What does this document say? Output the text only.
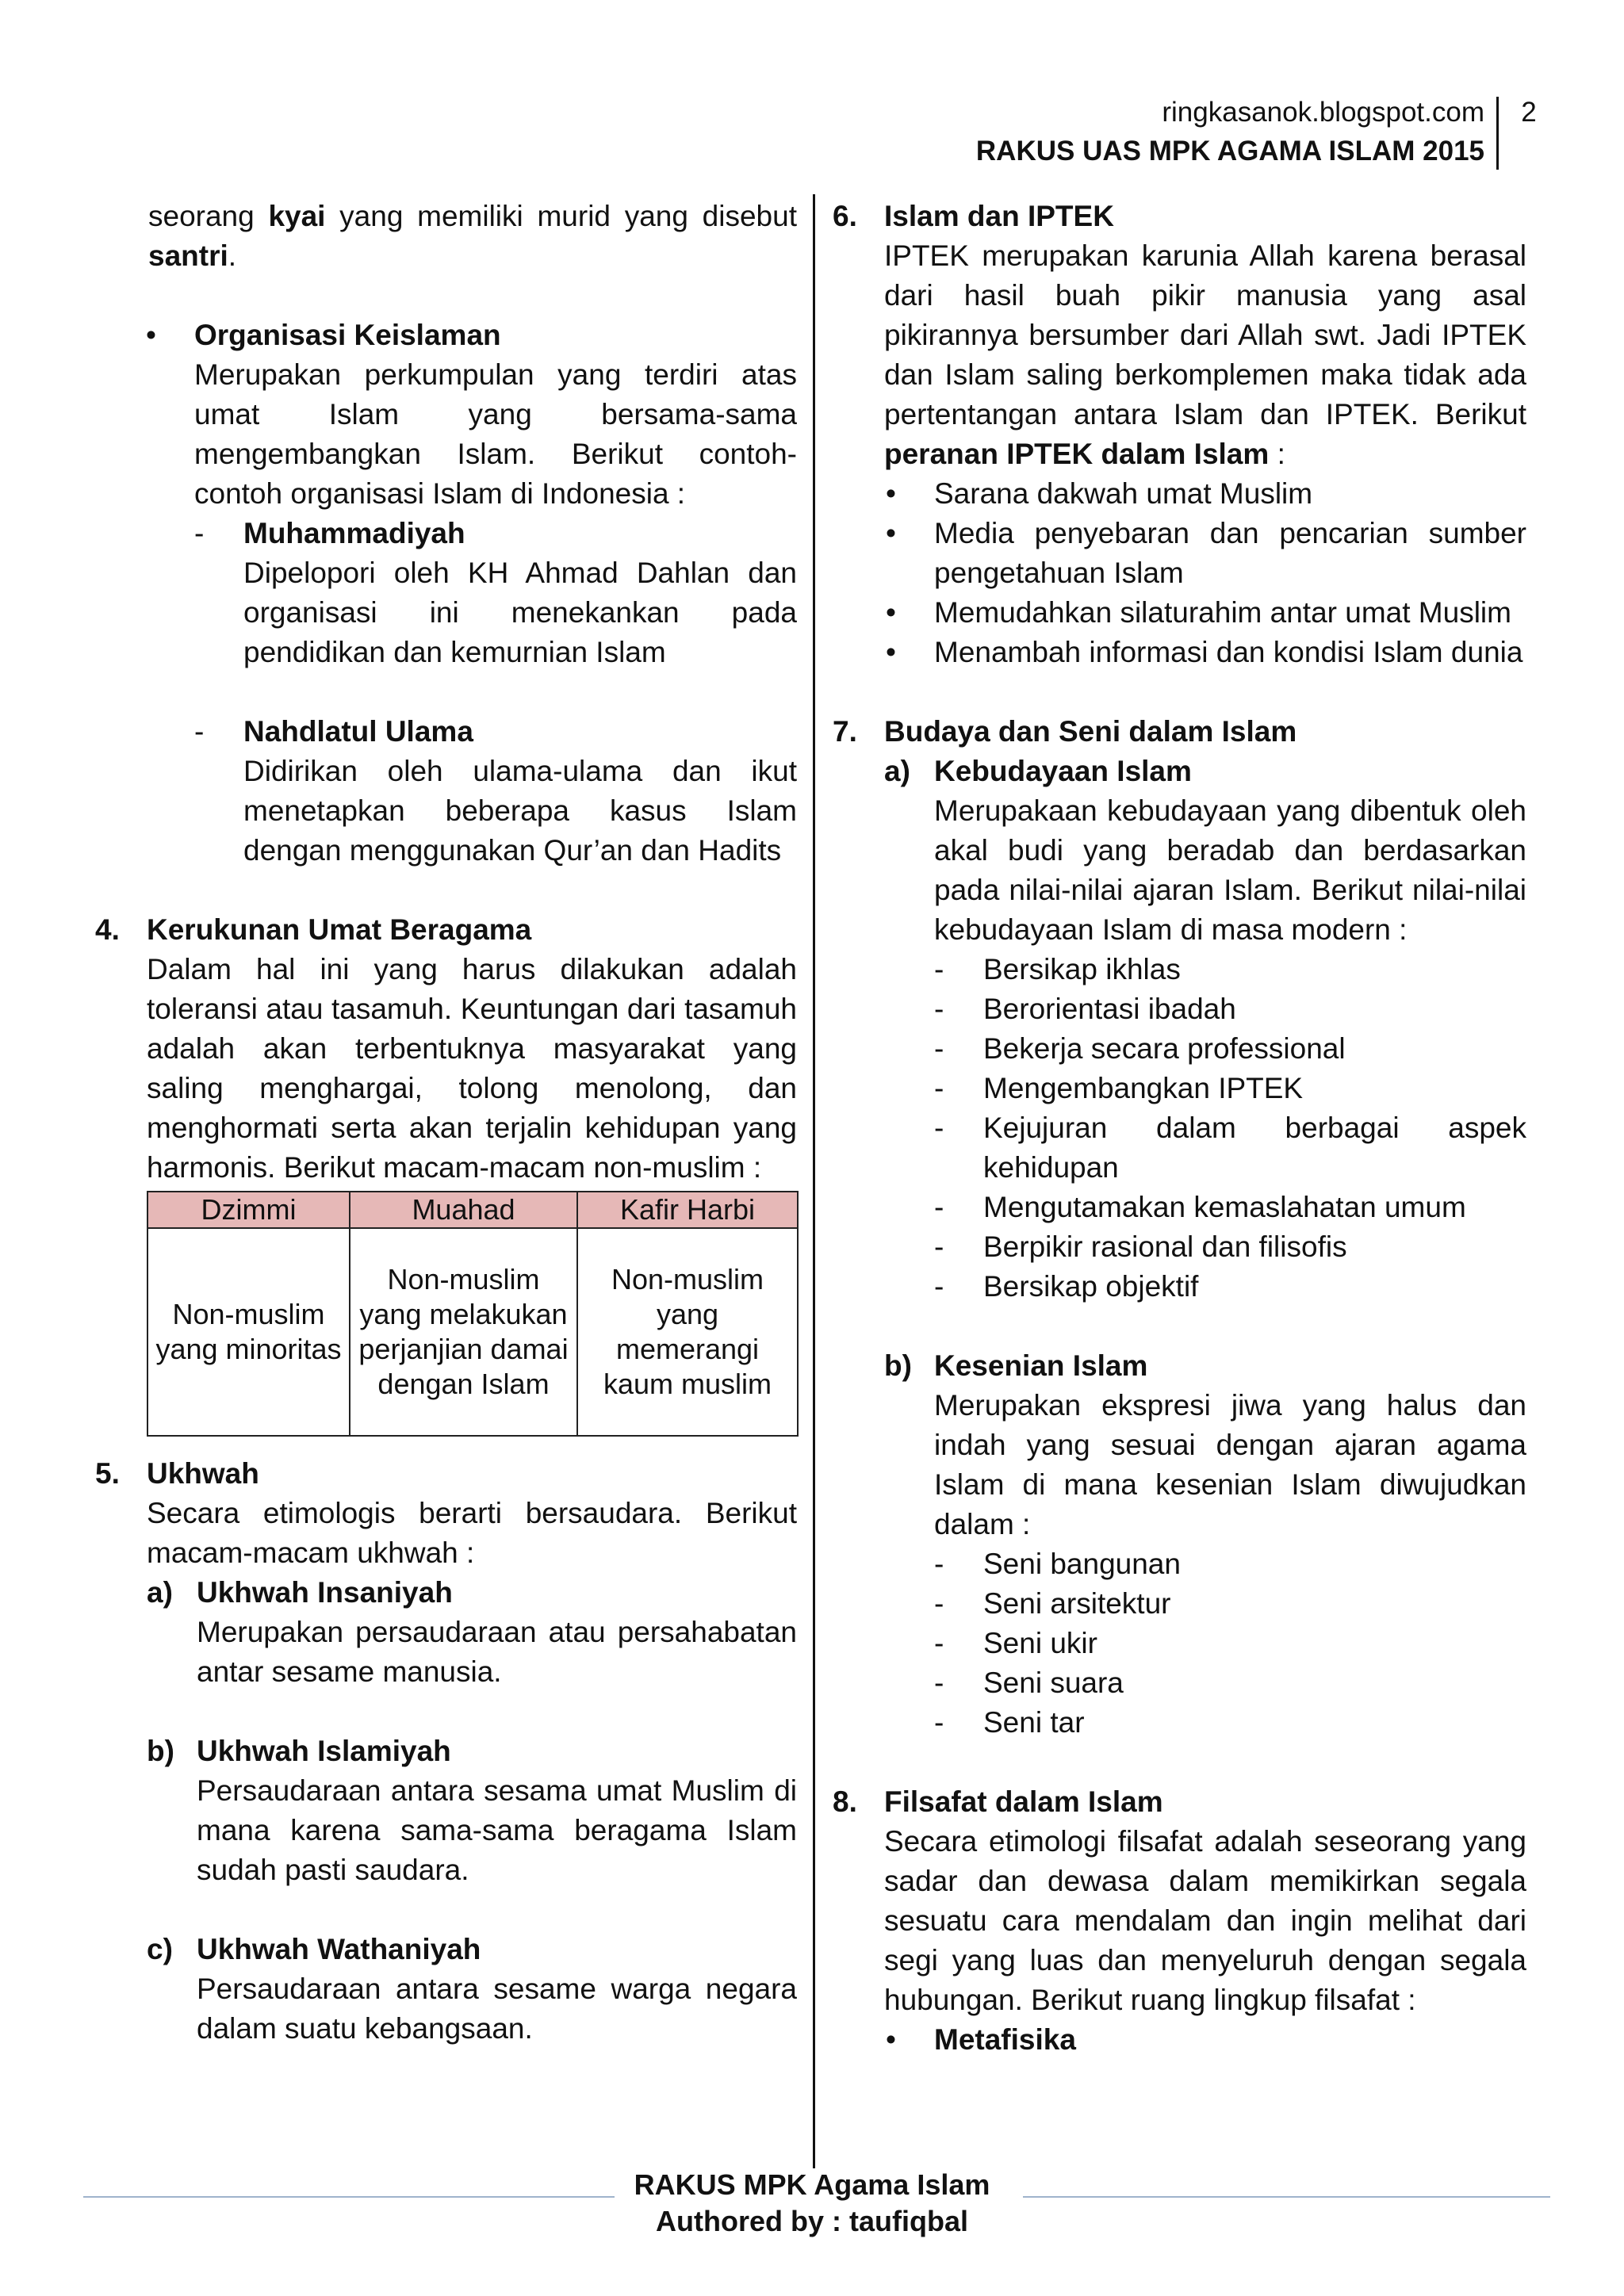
ringkasanok.blogspot.com
RAKUS UAS MPK AGAMA ISLAM 2015
2
seorang kyai yang memiliki murid yang disebut santri.
•	Organisasi Keislaman
Merupakan perkumpulan yang terdiri atas umat Islam yang bersama-sama mengembangkan Islam. Berikut contoh-contoh organisasi Islam di Indonesia :
-	Muhammadiyah
Dipelopori oleh KH Ahmad Dahlan dan organisasi ini menekankan pada pendidikan dan kemurnian Islam
-	Nahdlatul Ulama
Didirikan oleh ulama-ulama dan ikut menetapkan beberapa kasus Islam dengan menggunakan Qur’an dan Hadits
4. Kerukunan Umat Beragama
Dalam hal ini yang harus dilakukan adalah toleransi atau tasamuh. Keuntungan dari tasamuh adalah akan terbentuknya masyarakat yang saling menghargai, tolong menolong, dan menghormati serta akan terjalin kehidupan yang harmonis. Berikut macam-macam non-muslim :
Dzimmi	Muahad	Kafir Harbi
Non-muslim yang minoritas	Non-muslim yang melakukan perjanjian damai dengan Islam	Non-muslim yang memerangi kaum muslim
5. Ukhwah
Secara etimologis berarti bersaudara. Berikut macam-macam ukhwah :
a) Ukhwah Insaniyah
Merupakan persaudaraan atau persahabatan antar sesame manusia.
b) Ukhwah Islamiyah
Persaudaraan antara sesama umat Muslim di mana karena sama-sama beragama Islam sudah pasti saudara.
c) Ukhwah Wathaniyah
Persaudaraan antara sesame warga negara dalam suatu kebangsaan.
6. Islam dan IPTEK
IPTEK merupakan karunia Allah karena berasal dari hasil buah pikir manusia yang asal pikirannya bersumber dari Allah swt. Jadi IPTEK dan Islam saling berkomplemen maka tidak ada pertentangan antara Islam dan IPTEK. Berikut peranan IPTEK dalam Islam :
•	Sarana dakwah umat Muslim
•	Media penyebaran dan pencarian sumber pengetahuan Islam
•	Memudahkan silaturahim antar umat Muslim
•	Menambah informasi dan kondisi Islam dunia
7. Budaya dan Seni dalam Islam
a) Kebudayaan Islam
Merupakaan kebudayaan yang dibentuk oleh akal budi yang beradab dan berdasarkan pada nilai-nilai ajaran Islam. Berikut nilai-nilai kebudayaan Islam di masa modern :
-	Bersikap ikhlas
-	Berorientasi ibadah
-	Bekerja secara professional
-	Mengembangkan IPTEK
-	Kejujuran dalam berbagai aspek kehidupan
-	Mengutamakan kemaslahatan umum
-	Berpikir rasional dan filisofis
-	Bersikap objektif
b) Kesenian Islam
Merupakan ekspresi jiwa yang halus dan indah yang sesuai dengan ajaran agama Islam di mana kesenian Islam diwujudkan dalam :
-	Seni bangunan
-	Seni arsitektur
-	Seni ukir
-	Seni suara
-	Seni tar
8. Filsafat dalam Islam
Secara etimologi filsafat adalah seseorang yang sadar dan dewasa dalam memikirkan segala sesuatu cara mendalam dan ingin melihat dari segi yang luas dan menyeluruh dengan segala hubungan. Berikut ruang lingkup filsafat :
•	Metafisika
RAKUS MPK Agama Islam
Authored by : taufiqbal
